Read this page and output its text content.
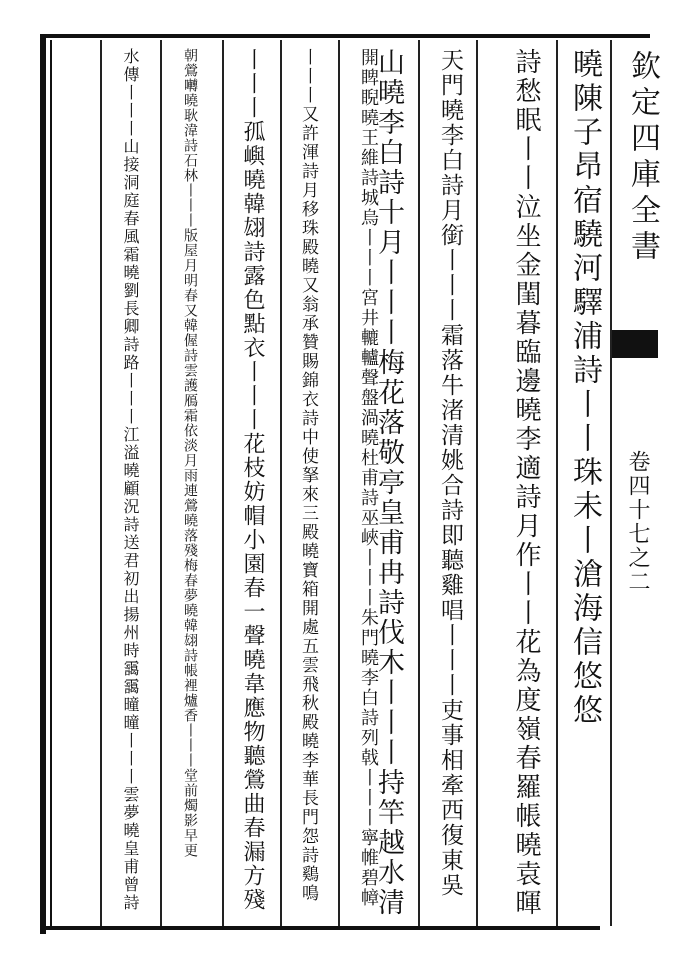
欽定四庫全書
卷四十七之二
曉陳子昂宿驍河驛浦詩丨丨珠未丨滄海信悠悠
詩愁眠丨丨泣坐金閨暮臨邊曉李適詩月作丨丨花為度嶺春羅帳曉袁暉
天門曉李白詩月銜丨丨丨霜落牛渚清姚合詩即聽雞唱丨丨丨吏事相牽西復東吳
山曉李白詩十月丨丨丨梅花落敬亭皇甫冉詩伐木丨丨丨持竿越水清
開睥睨曉王維詩城烏丨丨丨宮井轆轤聲盤渦曉杜甫詩巫峽丨丨丨朱門曉李白詩列戟丨丨丨寧帷碧幛
丨丨丨又許渾詩月移珠殿曉又翁承贊賜錦衣詩中使拏來三殿曉寶箱開處五雲飛秋殿曉李華長門怨詩鷄鳴
丨丨丨孤嶼曉韓翃詩露色點衣丨丨丨花枝妨帽小園春一聲曉韋應物聽鶯曲春漏方殘
朝鶯囀曉耿湋詩石林丨丨丨版屋月明春又韓偓詩雲護鴈霜依淡月雨連鶯曉落殘梅春夢曉韓翃詩帳裡爐香丨丨丨堂前燭影早更
水傳丨丨丨山接洞庭春風霜曉劉長卿詩路丨丨丨江溢曉顧況詩送君初出揚州時靄靄曈曈丨丨丨雲夢曉皇甫曾詩
